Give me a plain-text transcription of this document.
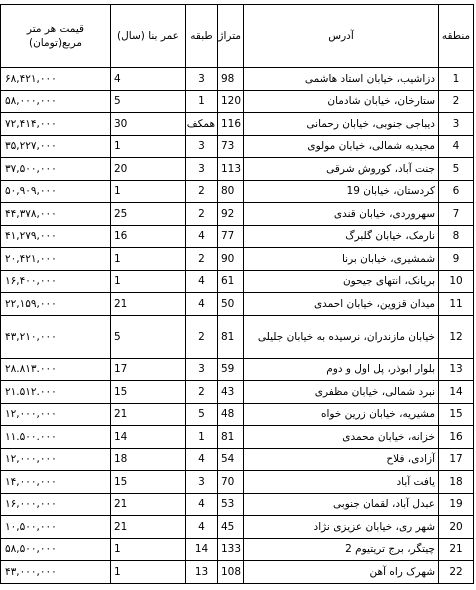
منطقه	آدرس	متراژ	طبقه	عمر بنا (سال)	قیمت هر متر مربع(تومان)
1	دزاشیب، خیابان استاد هاشمی	98	3	4	۶۸,۴۲۱,۰۰۰
2	ستارخان، خیابان شادمان	120	1	5	۵۸,۰۰۰,۰۰۰
3	دیباجی جنوبی، خیابان رحمانی	116	همکف	30	۷۲,۴۱۴,۰۰۰
4	مجیدیه شمالی، خیابان مولوی	73	3	1	۳۵,۲۲۷,۰۰۰
5	جنت آباد، کوروش شرقی	113	3	20	۳۷,۵۰۰,۰۰۰
6	کردستان، خیابان 19	80	2	1	۵۰,۹۰۹,۰۰۰
7	سهروردی، خیابان قندی	92	2	25	۴۴,۳۷۸,۰۰۰
8	نارمک، خیابان گلبرگ	77	4	16	۴۱,۲۷۹,۰۰۰
9	شمشیری، خیابان برنا	90	2	1	۲۰,۴۲۱,۰۰۰
10	بریانک، انتهای جیحون	61	4	1	۱۶,۴۰۰,۰۰۰
11	میدان قزوین، خیابان احمدی	50	4	21	۲۲,۱۵۹,۰۰۰
12	خیابان مازندران، نرسیده به خیابان جلیلی	81	2	5	۴۳,۲۱۰,۰۰۰
13	بلوار ابوذر، پل اول و دوم	59	3	17	۲۸.۸۱۳.۰۰۰
14	نبرد شمالی، خیابان مظفری	43	2	15	۲۱.۵۱۲.۰۰۰
15	مشیریه، خیابان زرین خواه	48	5	21	۱۲,۰۰۰,۰۰۰
16	خزانه، خیابان محمدی	81	1	14	۱۱.۵۰۰.۰۰۰
17	آزادی، فلاح	54	4	18	۱۲,۰۰۰,۰۰۰
18	یافت آباد	70	3	15	۱۴,۰۰۰,۰۰۰
19	عبدل آباد، لقمان جنوبی	53	4	21	۱۶,۰۰۰,۰۰۰
20	شهر ری، خیابان عزیزی نژاد	45	4	21	۱۰,۵۰۰,۰۰۰
21	چیتگر، برج تریتیوم 2	133	14	1	۵۸,۵۰۰,۰۰۰
22	شهرک راه آهن	108	13	1	۴۳,۰۰۰,۰۰۰
